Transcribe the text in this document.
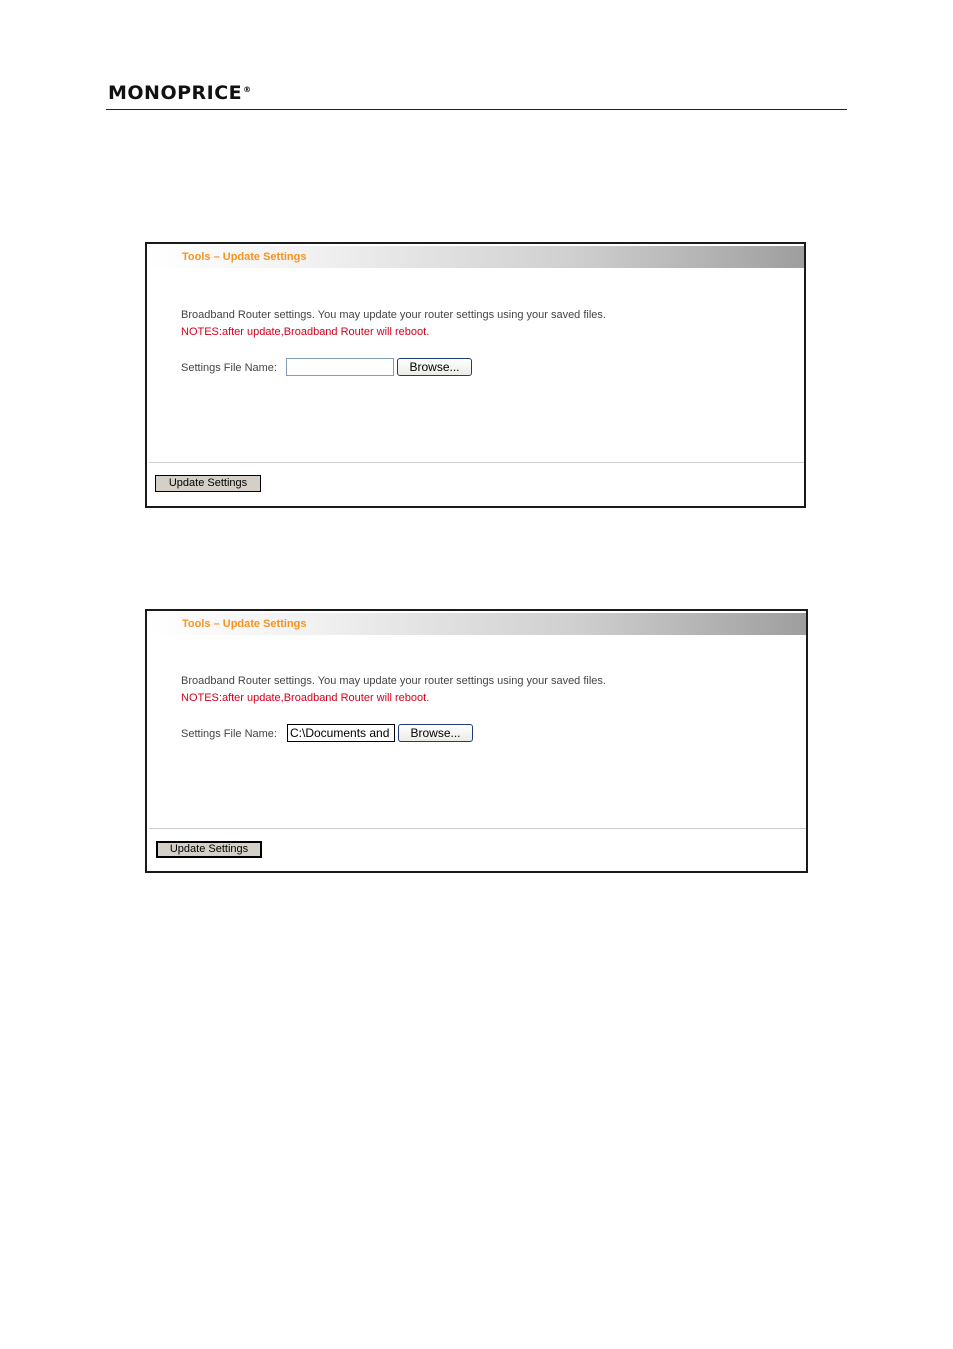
MONOPRICE®
Tools – Update Settings
Broadband Router settings. You may update your router settings using your saved files.
NOTES:after update,Broadband Router will reboot.
Settings File Name:	Browse...
Update Settings
Tools – Update Settings
Broadband Router settings. You may update your router settings using your saved files.
NOTES:after update,Broadband Router will reboot.
Settings File Name: C:\Documents and	Browse...
Update Settings
